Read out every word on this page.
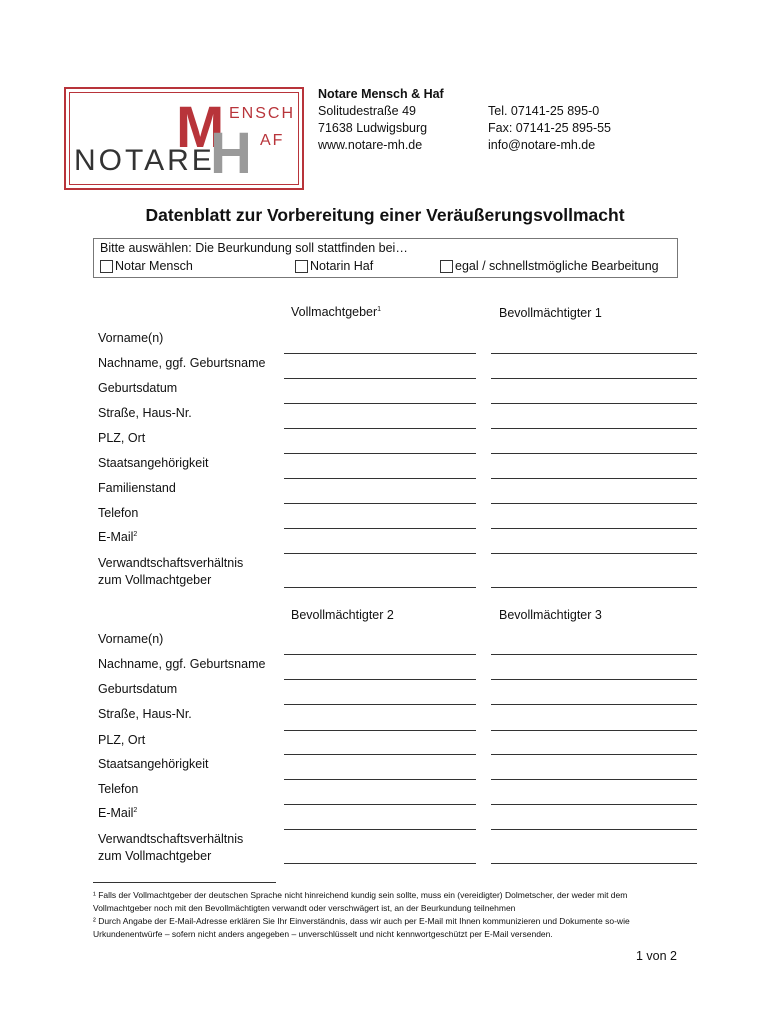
NOTARE
M
H
ENSCH
AF
Notare Mensch & Haf
Solitudestraße 49
71638 Ludwigsburg
www.notare-mh.de
Tel. 07141-25 895-0
Fax: 07141-25 895-55
info@notare-mh.de
Datenblatt zur Vorbereitung einer Veräußerungsvollmacht
Bitte auswählen: Die Beurkundung soll stattfinden bei…
Notar Mensch	Notarin Haf	egal / schnellstmögliche Bearbeitung
Vollmachtgeber$^1$	Bevollmächtigter 1
Vorname(n)
Nachname, ggf. Geburtsname
Geburtsdatum
Straße, Haus-Nr.
PLZ, Ort
Staatsangehörigkeit
Familienstand
Telefon
E-Mail$^2$
Verwandtschaftsverhältnis
zum Vollmachtgeber
Bevollmächtigter 2	Bevollmächtigter 3
Vorname(n)
Nachname, ggf. Geburtsname
Geburtsdatum
Straße, Haus-Nr.
PLZ, Ort
Staatsangehörigkeit
Telefon
E-Mail$^2$
Verwandtschaftsverhältnis
zum Vollmachtgeber
¹ Falls der Vollmachtgeber der deutschen Sprache nicht hinreichend kundig sein sollte, muss ein (vereidigter) Dolmetscher, der weder mit dem Vollmachtgeber noch mit den Bevollmächtigten verwandt oder verschwägert ist, an der Beurkundung teilnehmen
² Durch Angabe der E-Mail-Adresse erklären Sie Ihr Einverständnis, dass wir auch per E-Mail mit Ihnen kommunizieren und Dokumente so-wie Urkundenentwürfe – sofern nicht anders angegeben – unverschlüsselt und nicht kennwortgeschützt per E-Mail versenden.
1 von 2
